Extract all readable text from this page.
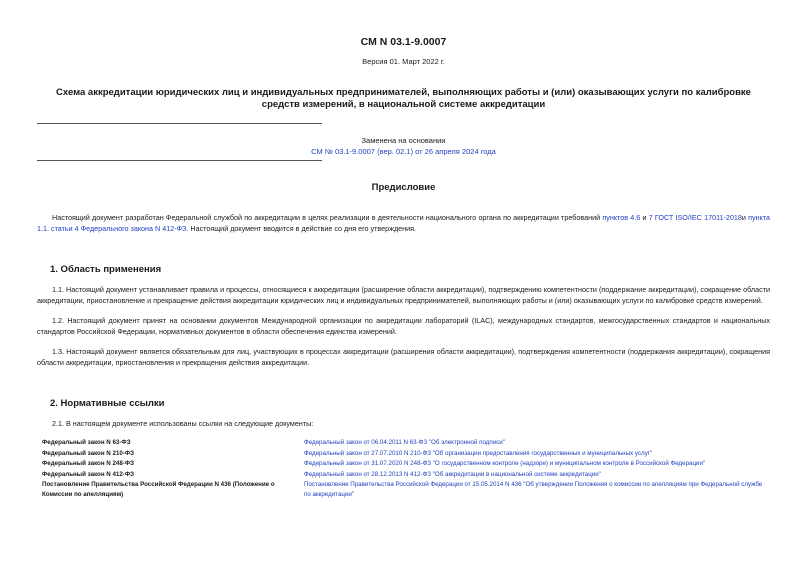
СМ N 03.1-9.0007
Версия 01. Март 2022 г.
Схема аккредитации юридических лиц и индивидуальных предпринимателей, выполняющих работы и (или) оказывающих услуги по калибровке средств измерений, в национальной системе аккредитации
Заменена на основании
СМ № 03.1-9.0007 (вер. 02.1) от 26 апреля 2024 года
Предисловие
Настоящий документ разработан Федеральной службой по аккредитации в целях реализации в деятельности национального органа по аккредитации требований пунктов 4.6 и 7 ГОСТ ISO/IEC 17011-2018и пункта 1.1. статьи 4 Федерального закона N 412-ФЗ. Настоящий документ вводится в действие со дня его утверждения.
1. Область применения
1.1. Настоящий документ устанавливает правила и процессы, относящиеся к аккредитации (расширение области аккредитации), подтверждению компетентности (поддержание аккредитации), сокращение области аккредитации, приостановление и прекращение действия аккредитации юридических лиц и индивидуальных предпринимателей, выполняющих работы и (или) оказывающих услуги по калибровке средств измерений.
1.2. Настоящий документ принят на основании документов Международной организации по аккредитации лабораторий (ILAC), международных стандартов, межгосударственных стандартов и национальных стандартов Российской Федерации, нормативных документов в области обеспечения единства измерений.
1.3. Настоящий документ является обязательным для лиц, участвующих в процессах аккредитации (расширения области аккредитации), подтверждения компетентности (поддержания аккредитации), сокращения области аккредитации, приостановления и прекращения действия аккредитации.
2. Нормативные ссылки
2.1. В настоящем документе использованы ссылки на следующие документы:
Федеральный закон N 63-ФЗ	Федеральный закон от 06.04.2011 N 63-ФЗ "Об электронной подписи"
Федеральный закон N 210-ФЗ	Федеральный закон от 27.07.2010 N 210-ФЗ "Об организации предоставления государственных и муниципальных услуг"
Федеральный закон N 248-ФЗ	Федеральный закон от 31.07.2020 N 248-ФЗ "О государственном контроле (надзоре) и муниципальном контроле в Российской Федерации"
Федеральный закон N 412-ФЗ	Федеральный закон от 28.12.2013 N 412-ФЗ "Об аккредитации в национальной системе аккредитации"
Постановление Правительства Российской Федерации N 436 (Положение о Комиссии по апелляциям)	Постановление Правительства Российской Федерации от 15.05.2014 N 436 "Об утверждении Положения о комиссии по апелляциям при Федеральной службе по аккредитации"
